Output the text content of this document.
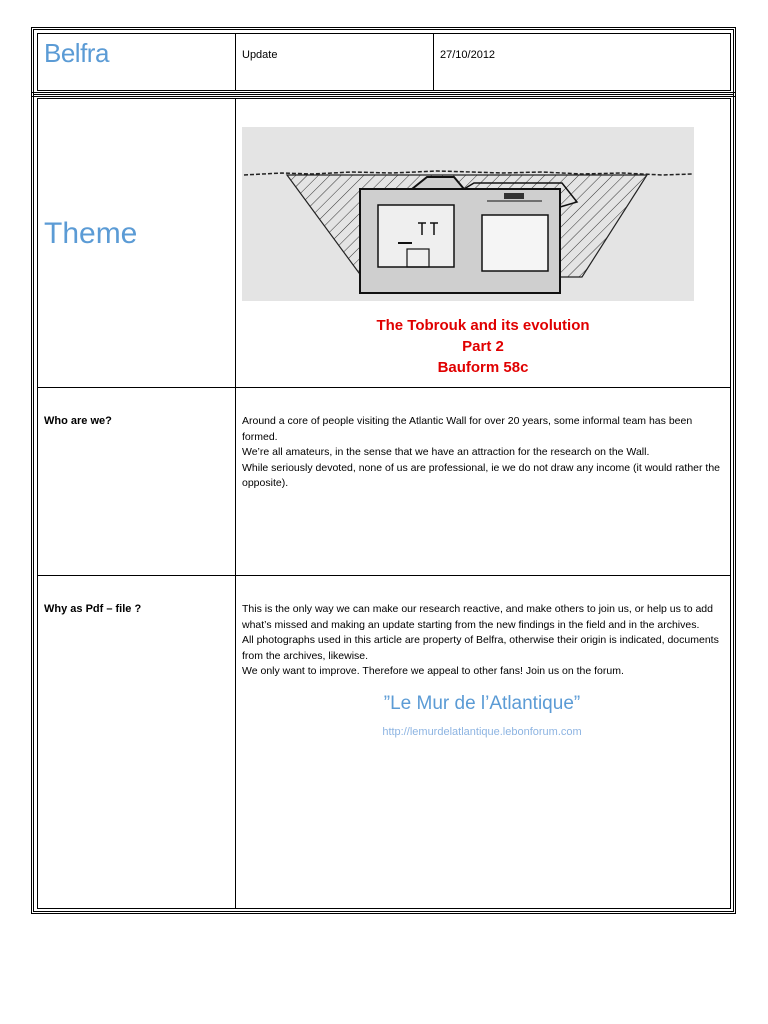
Belfra	Update	27/10/2012
Theme	The Tobrouk and its evolution
Part 2
Bauform 58c

Who are we?	Around a core of people visiting the Atlantic Wall for over 20 years, some informal team has been formed.

We’re all amateurs, in the sense that we have an attraction for the research on the Wall.

While seriously devoted, none of us are professional, ie we do not draw any income (it would rather the opposite).

Why as Pdf – file ?	This is the only way we can make our research reactive, and make others to join us, or help us to add what’s missed and making an update starting from the new findings in the field and in the archives.

All photographs used in this article are property of Belfra, otherwise their origin is indicated, documents from the archives, likewise.

We only want to improve. Therefore we appeal to other fans! Join us on the forum.

”Le Mur de l’Atlantique”
http://lemurdelatlantique.lebonforum.com
